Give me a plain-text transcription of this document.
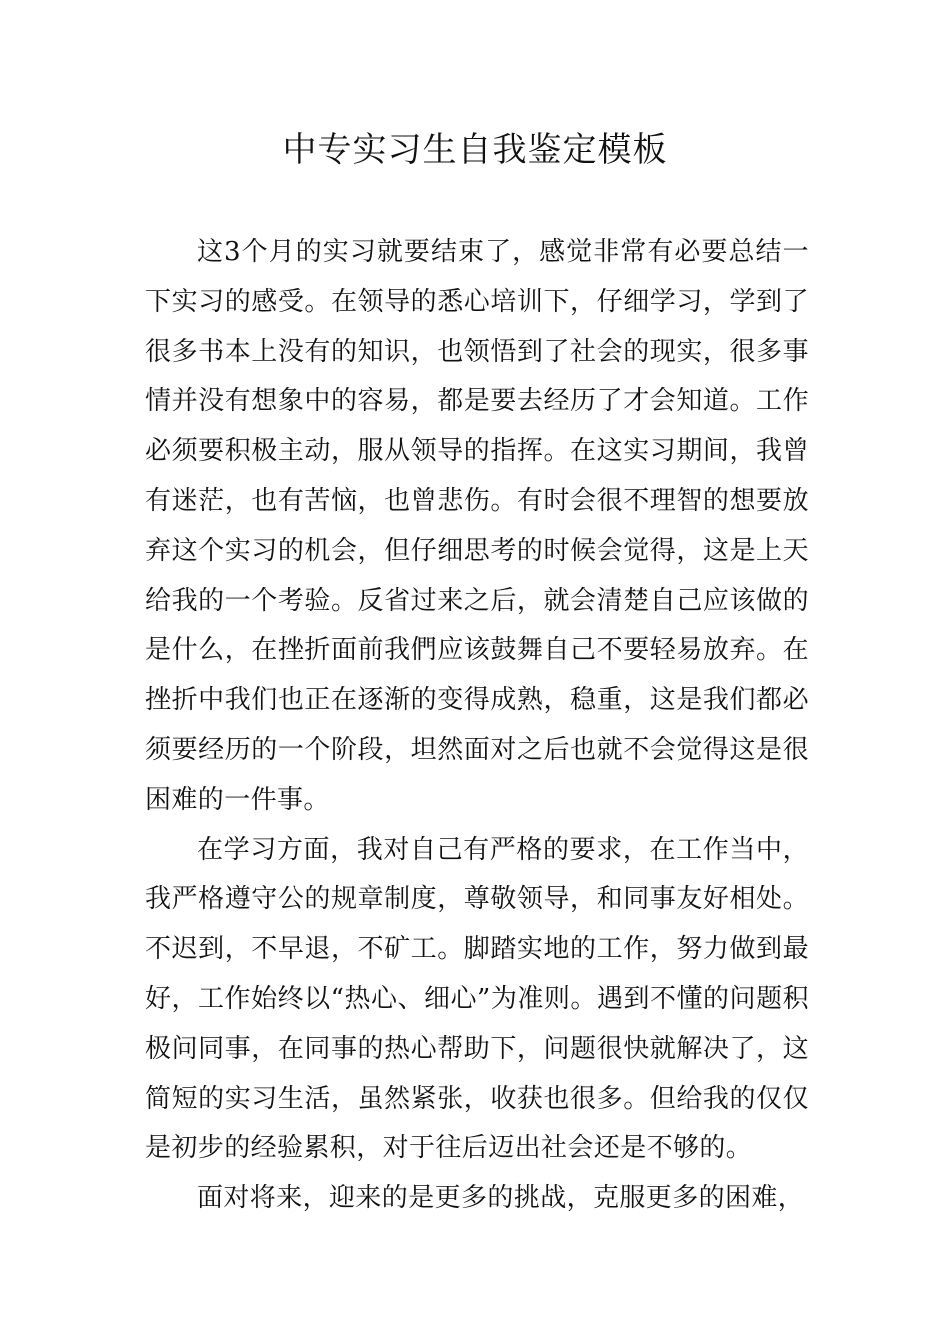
中专实习生自我鉴定模板

这3个月的实习就要结束了，感觉非常有必要总结一下实习的感受。在领导的悉心培训下，仔细学习，学到了很多书本上没有的知识，也领悟到了社会的现实，很多事情并没有想象中的容易，都是要去经历了才会知道。工作必须要积极主动，服从领导的指挥。在这实习期间，我曾有迷茫，也有苦恼，也曾悲伤。有时会很不理智的想要放弃这个实习的机会，但仔细思考的时候会觉得，这是上天给我的一个考验。反省过来之后，就会清楚自己应该做的是什么，在挫折面前我們应该鼓舞自己不要轻易放弃。在挫折中我们也正在逐渐的变得成熟，稳重，这是我们都必须要经历的一个阶段，坦然面对之后也就不会觉得这是很困难的一件事。

在学习方面，我对自己有严格的要求，在工作当中，我严格遵守公的规章制度，尊敬领导，和同事友好相处。不迟到，不早退，不矿工。脚踏实地的工作，努力做到最好，工作始终以“热心、细心”为准则。遇到不懂的问题积极问同事，在同事的热心帮助下，问题很快就解决了，这简短的实习生活，虽然紧张，收获也很多。但给我的仅仅是初步的经验累积，对于往后迈出社会还是不够的。

面对将来，迎来的是更多的挑战，克服更多的困难，
